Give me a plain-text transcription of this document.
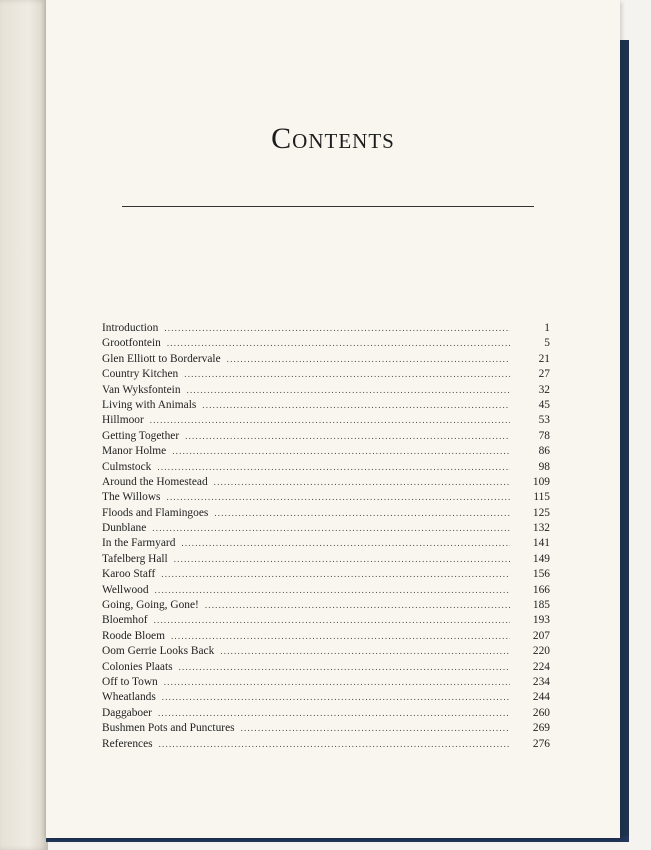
Contents
Introduction .....	1
Grootfontein .....	5
Glen Elliott to Bordervale .....	21
Country Kitchen .....	27
Van Wyksfontein .....	32
Living with Animals .....	45
Hillmoor .....	53
Getting Together .....	78
Manor Holme .....	86
Culmstock .....	98
Around the Homestead .....	109
The Willows .....	115
Floods and Flamingoes .....	125
Dunblane .....	132
In the Farmyard .....	141
Tafelberg Hall .....	149
Karoo Staff .....	156
Wellwood .....	166
Going, Going, Gone! .....	185
Bloemhof .....	193
Roode Bloem .....	207
Oom Gerrie Looks Back .....	220
Colonies Plaats .....	224
Off to Town .....	234
Wheatlands .....	244
Daggaboer .....	260
Bushmen Pots and Punctures .....	269
References .....	276
